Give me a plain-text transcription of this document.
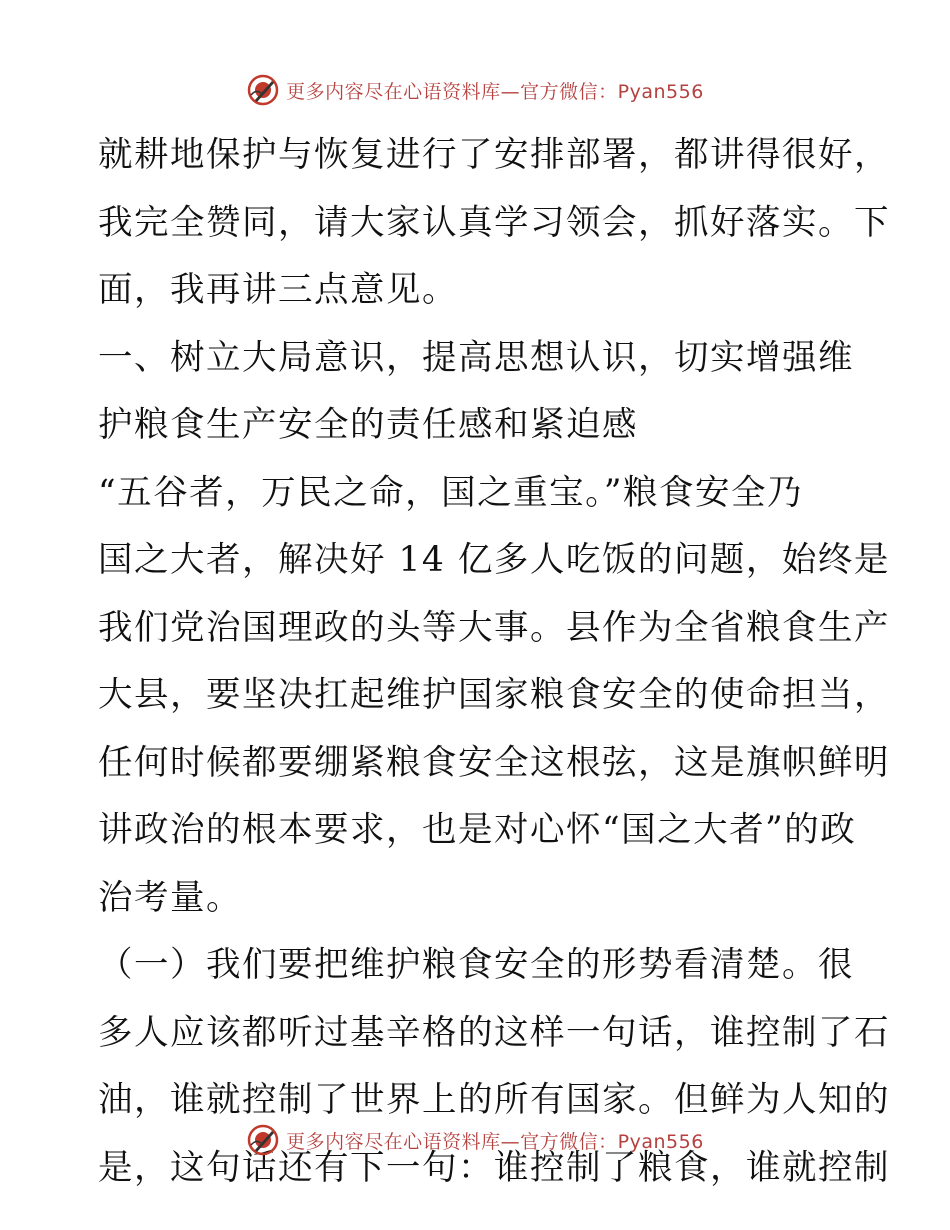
更多内容尽在心语资料库—官方微信：Pyan556
就耕地保护与恢复进行了安排部署，都讲得很好，
我完全赞同，请大家认真学习领会，抓好落实。下
面，我再讲三点意见。
一、树立大局意识，提高思想认识，切实增强维
护粮食生产安全的责任感和紧迫感
“五谷者，万民之命，国之重宝。”粮食安全乃
国之大者，解决好 14 亿多人吃饭的问题，始终是
我们党治国理政的头等大事。县作为全省粮食生产
大县，要坚决扛起维护国家粮食安全的使命担当，
任何时候都要绷紧粮食安全这根弦，这是旗帜鲜明
讲政治的根本要求，也是对心怀“国之大者”的政
治考量。
（一）我们要把维护粮食安全的形势看清楚。很
多人应该都听过基辛格的这样一句话，谁控制了石
油，谁就控制了世界上的所有国家。但鲜为人知的
是，这句话还有下一句：谁控制了粮食，谁就控制
更多内容尽在心语资料库—官方微信：Pyan556
